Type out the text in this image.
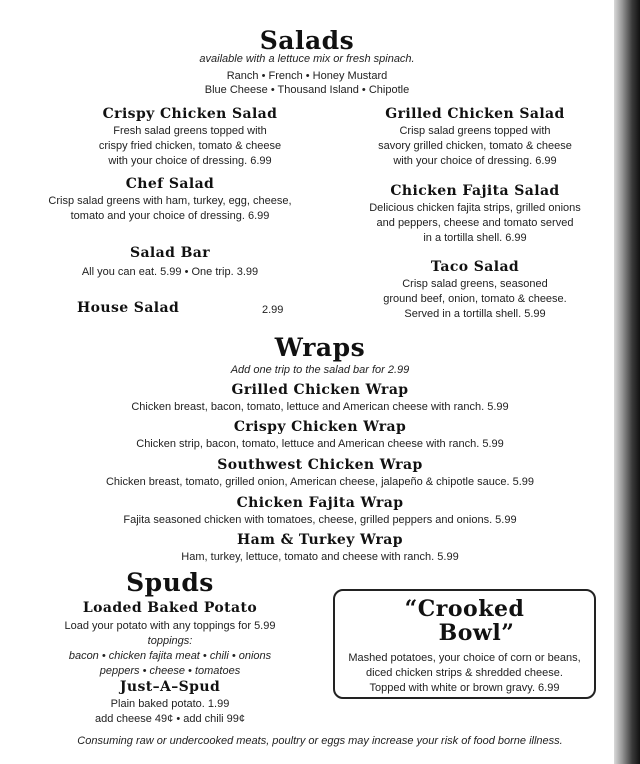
Salads
available with a lettuce mix or fresh spinach.
Ranch • French • Honey Mustard
Blue Cheese • Thousand Island • Chipotle
Crispy Chicken Salad
Fresh salad greens topped with
crispy fried chicken, tomato & cheese
with your choice of dressing. 6.99
Grilled Chicken Salad
Crisp salad greens topped with
savory grilled chicken, tomato & cheese
with your choice of dressing. 6.99
Chef Salad
Crisp salad greens with ham, turkey, egg, cheese,
tomato and your choice of dressing. 6.99
Chicken Fajita Salad
Delicious chicken fajita strips, grilled onions
and peppers, cheese and tomato served
in a tortilla shell. 6.99
Salad Bar
All you can eat. 5.99 • One trip. 3.99	Taco Salad
Crisp salad greens, seasoned
ground beef, onion, tomato & cheese.
Served in a tortilla shell. 5.99
House Salad	2.99
Wraps
Add one trip to the salad bar for 2.99
Grilled Chicken Wrap
Chicken breast, bacon, tomato, lettuce and American cheese with ranch. 5.99
Crispy Chicken Wrap
Chicken strip, bacon, tomato, lettuce and American cheese with ranch. 5.99
Southwest Chicken Wrap
Chicken breast, tomato, grilled onion, American cheese, jalapeño & chipotle sauce. 5.99
Chicken Fajita Wrap
Fajita seasoned chicken with tomatoes, cheese, grilled peppers and onions. 5.99
Ham & Turkey Wrap
Ham, turkey, lettuce, tomato and cheese with ranch. 5.99
Spuds
Loaded Baked Potato
Load your potato with any toppings for 5.99
toppings:
bacon • chicken fajita meat • chili • onions
peppers • cheese • tomatoes
Just–A–Spud
Plain baked potato. 1.99
add cheese 49¢ • add chili 99¢
“Crooked
Bowl”
Mashed potatoes, your choice of corn or beans,
diced chicken strips & shredded cheese.
Topped with white or brown gravy. 6.99
Consuming raw or undercooked meats, poultry or eggs may increase your risk of food borne illness.
